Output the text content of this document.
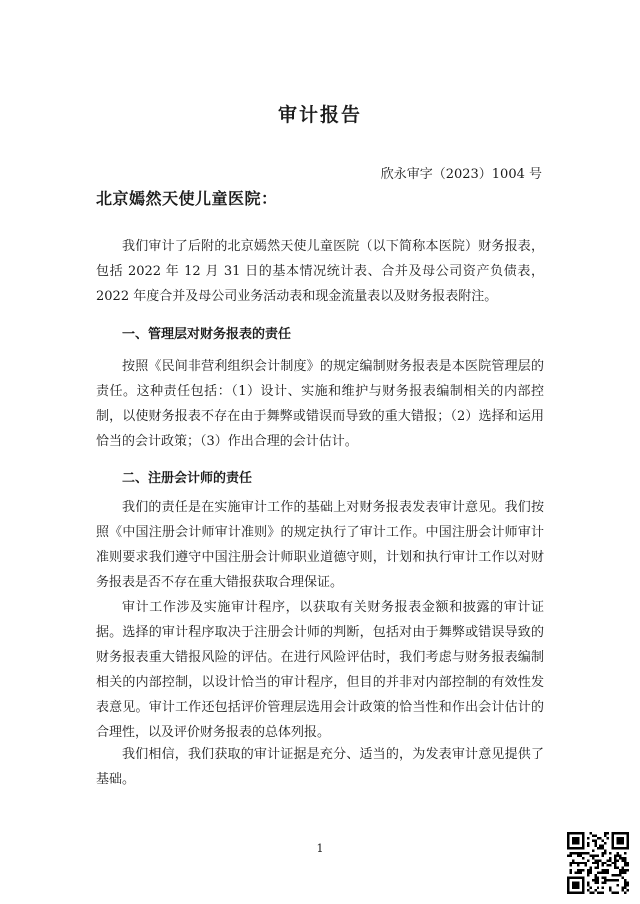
审计报告
欣永审字（2023）1004 号
北京嫣然天使儿童医院：

我们审计了后附的北京嫣然天使儿童医院（以下简称本医院）财务报表，包括 2022 年 12 月 31 日的基本情况统计表、合并及母公司资产负债表，2022 年度合并及母公司业务活动表和现金流量表以及财务报表附注。

一、管理层对财务报表的责任

按照《民间非营利组织会计制度》的规定编制财务报表是本医院管理层的责任。这种责任包括：（1）设计、实施和维护与财务报表编制相关的内部控制，以使财务报表不存在由于舞弊或错误而导致的重大错报；（2）选择和运用恰当的会计政策；（3）作出合理的会计估计。

二、注册会计师的责任

我们的责任是在实施审计工作的基础上对财务报表发表审计意见。我们按照《中国注册会计师审计准则》的规定执行了审计工作。中国注册会计师审计准则要求我们遵守中国注册会计师职业道德守则，计划和执行审计工作以对财务报表是否不存在重大错报获取合理保证。

审计工作涉及实施审计程序，以获取有关财务报表金额和披露的审计证据。选择的审计程序取决于注册会计师的判断，包括对由于舞弊或错误导致的财务报表重大错报风险的评估。在进行风险评估时，我们考虑与财务报表编制相关的内部控制，以设计恰当的审计程序，但目的并非对内部控制的有效性发表意见。审计工作还包括评价管理层选用会计政策的恰当性和作出会计估计的合理性，以及评价财务报表的总体列报。

我们相信，我们获取的审计证据是充分、适当的，为发表审计意见提供了基础。

1
